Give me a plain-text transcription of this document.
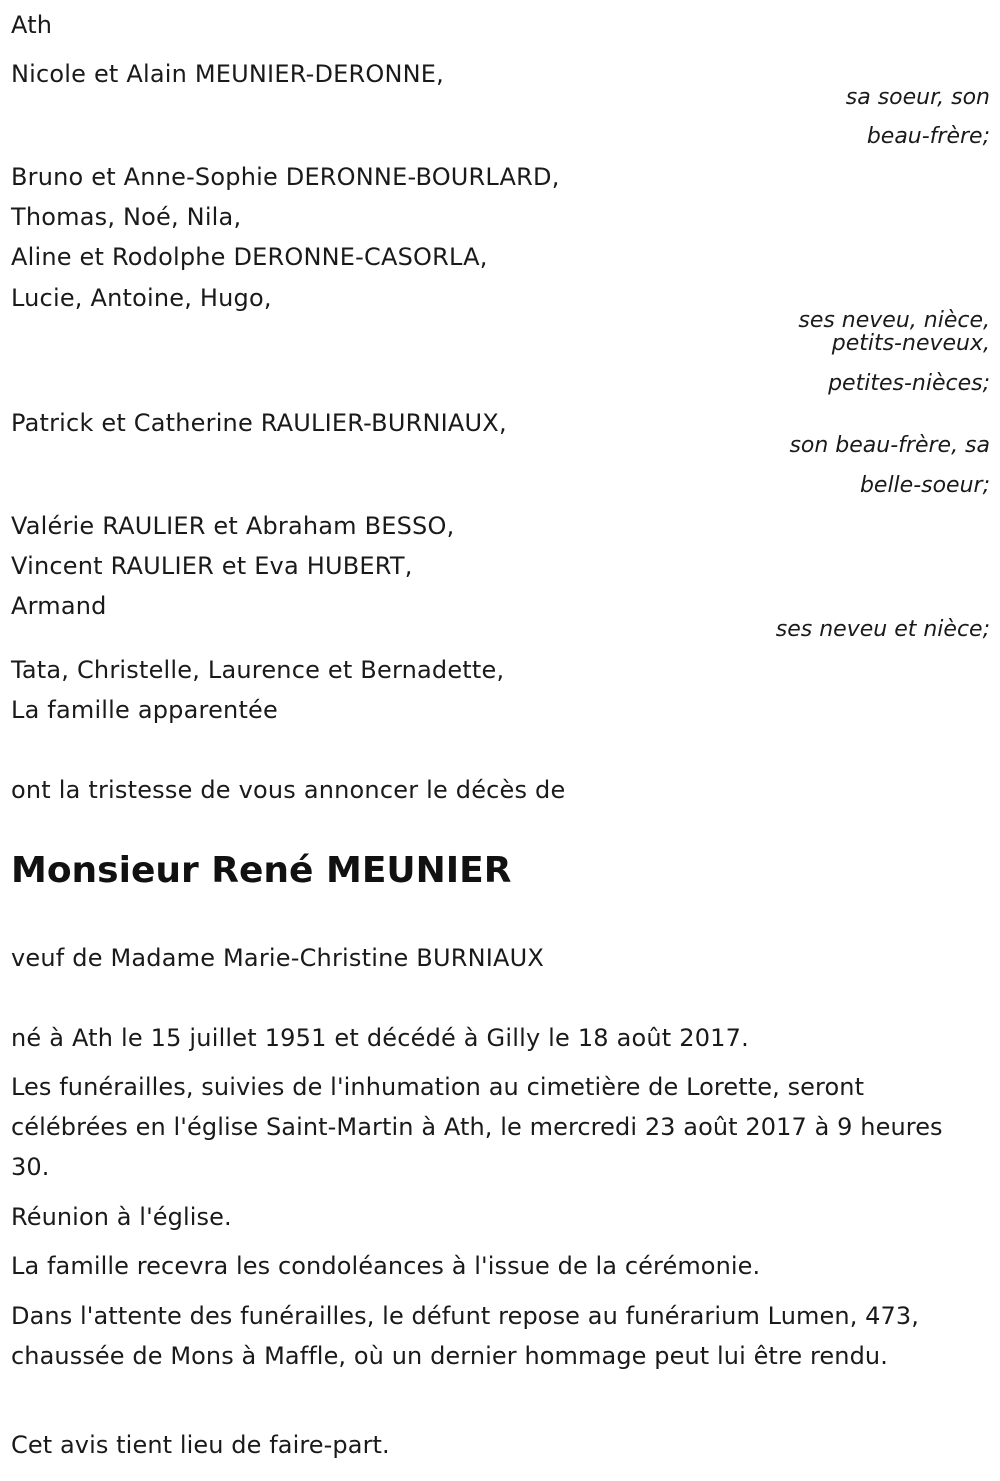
Ath
Nicole et Alain MEUNIER-DERONNE,
sa soeur, son
beau-frère;
Bruno et Anne-Sophie DERONNE-BOURLARD,
Thomas, Noé, Nila,
Aline et Rodolphe DERONNE-CASORLA,
Lucie, Antoine, Hugo,
ses neveu, nièce,
petits-neveux,
petites-nièces;
Patrick et Catherine RAULIER-BURNIAUX,
son beau-frère, sa
belle-soeur;
Valérie RAULIER et Abraham BESSO,
Vincent RAULIER et Eva HUBERT,
Armand
ses neveu et nièce;
Tata, Christelle, Laurence et Bernadette,
La famille apparentée
ont la tristesse de vous annoncer le décès de
Monsieur René MEUNIER
veuf de Madame Marie-Christine BURNIAUX
né à Ath le 15 juillet 1951 et décédé à Gilly le 18 août 2017.
Les funérailles, suivies de l'inhumation au cimetière de Lorette, seront célébrées en l'église Saint-Martin à Ath, le mercredi 23 août 2017 à 9 heures 30.
Réunion à l'église.
La famille recevra les condoléances à l'issue de la cérémonie.
Dans l'attente des funérailles, le défunt repose au funérarium Lumen, 473, chaussée de Mons à Maffle, où un dernier hommage peut lui être rendu.
Cet avis tient lieu de faire-part.
